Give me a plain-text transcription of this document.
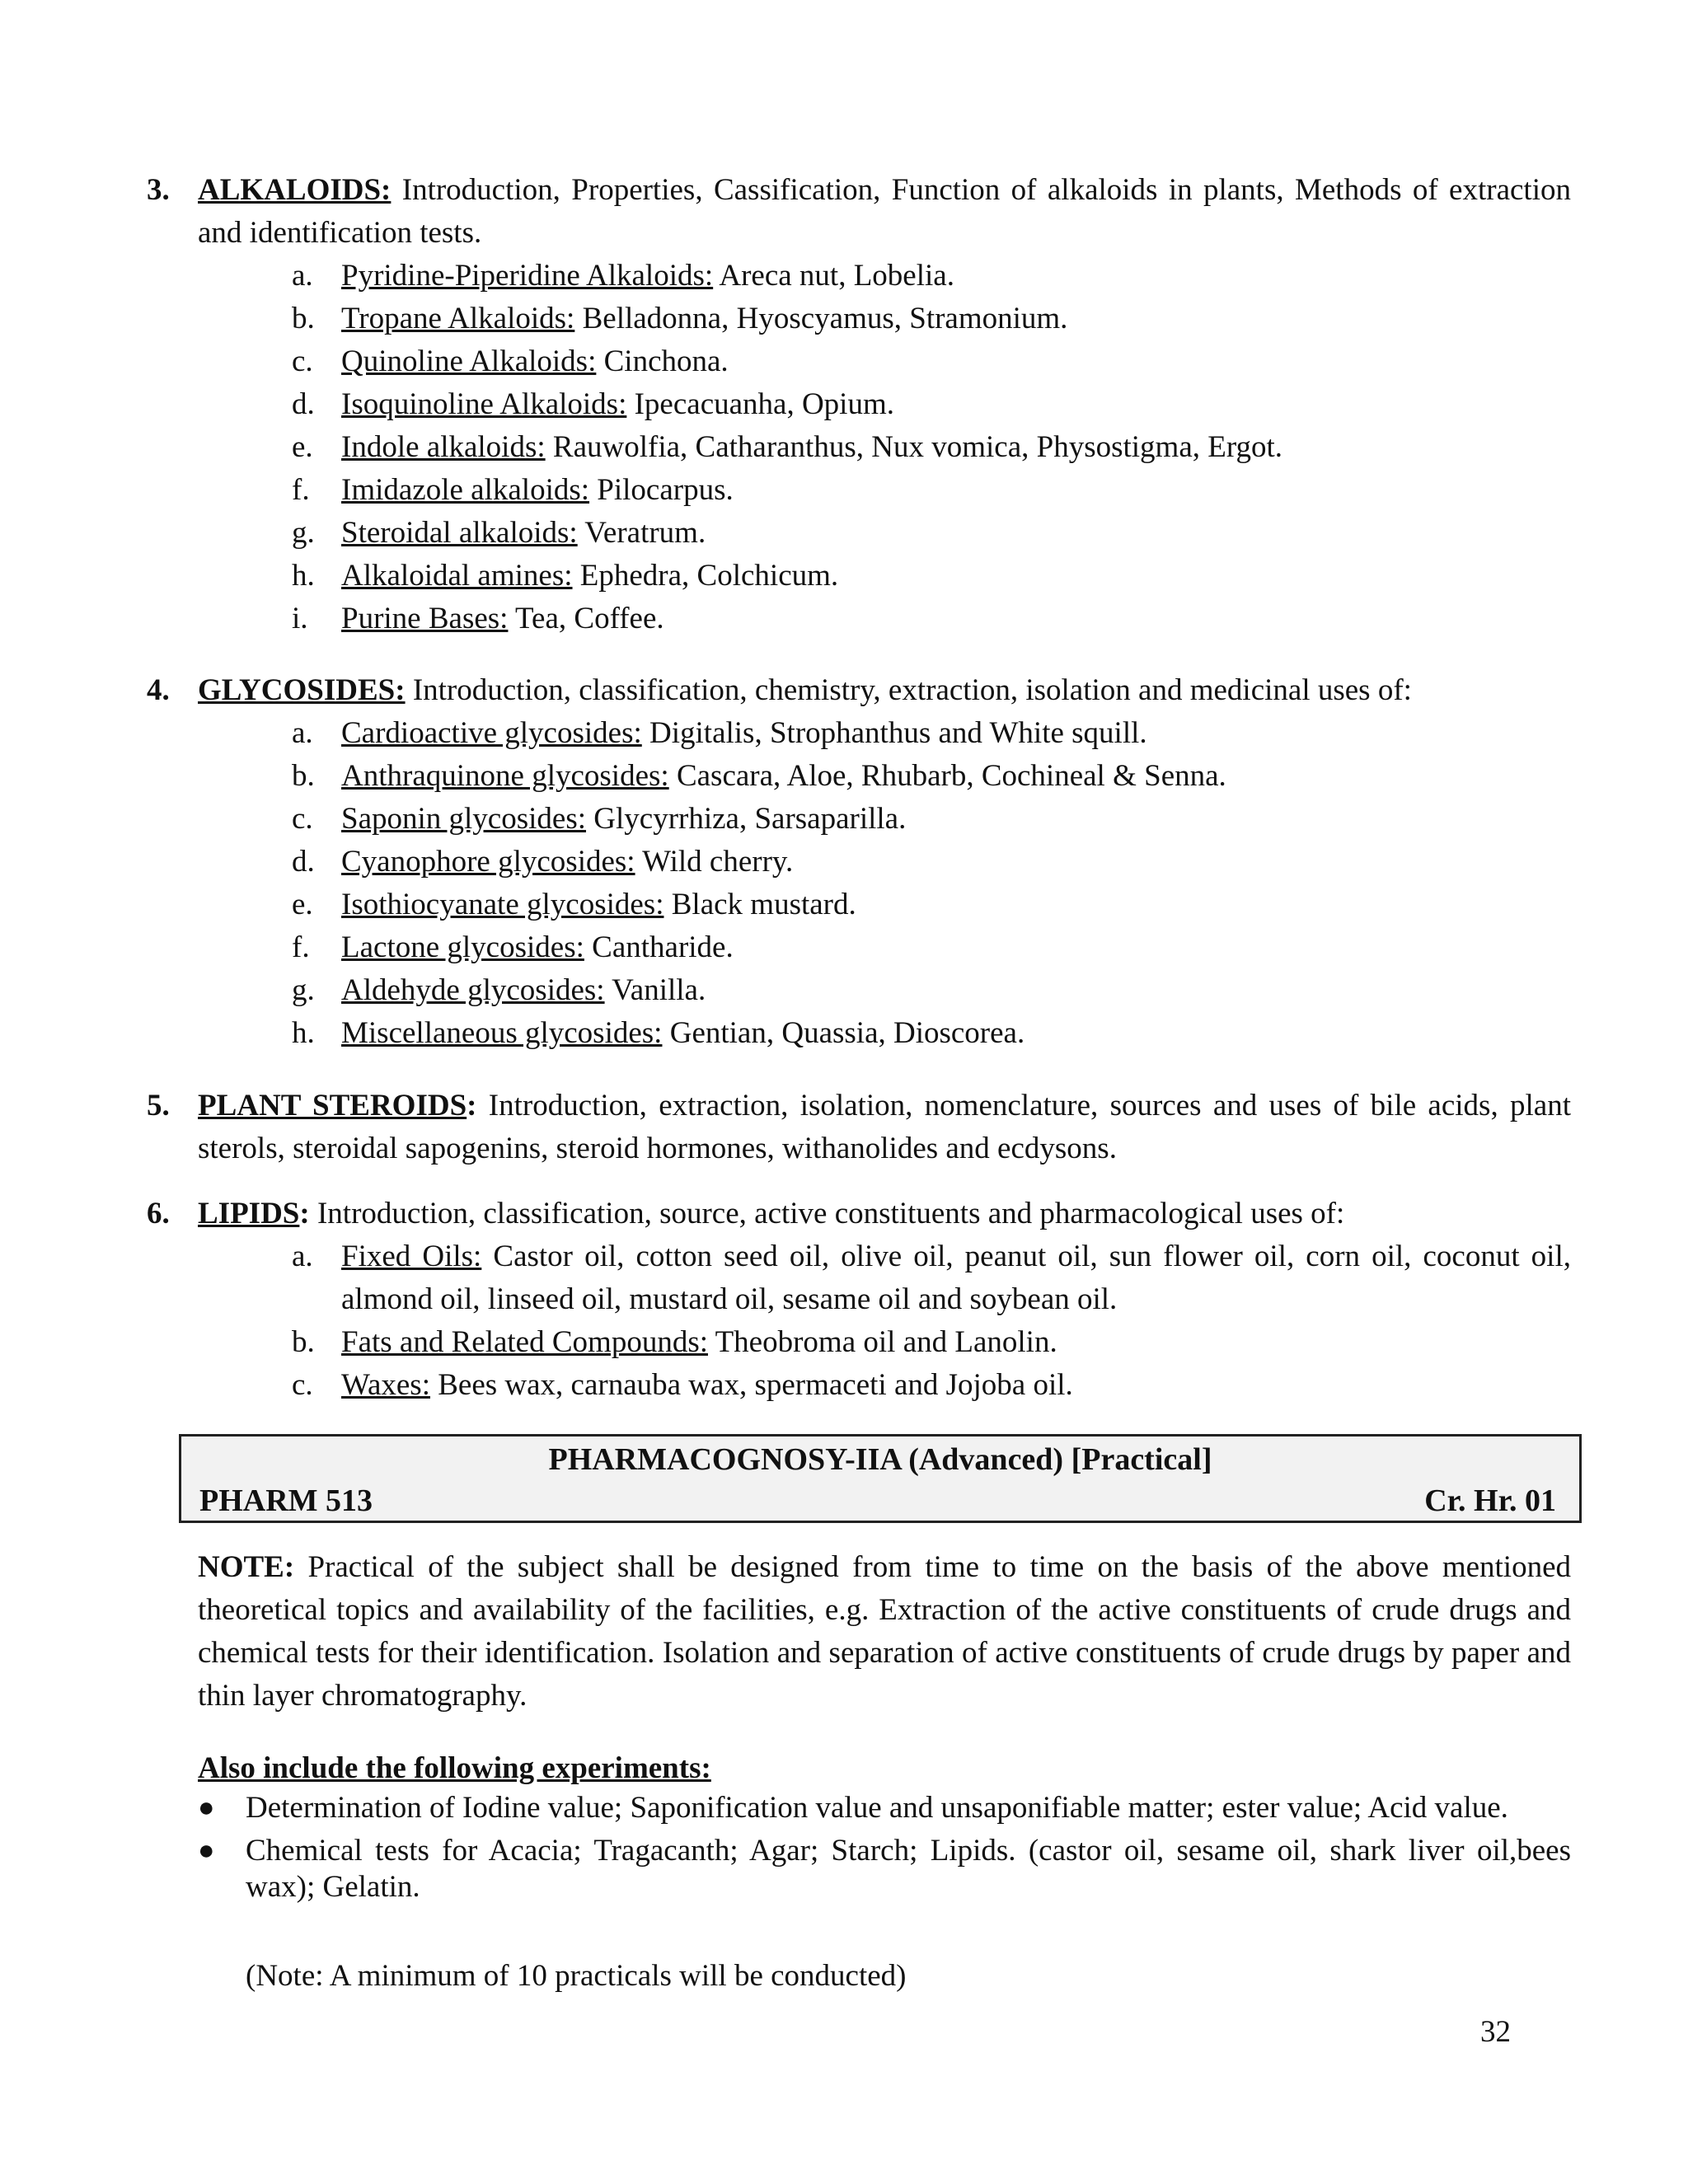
3. ALKALOIDS: Introduction, Properties, Cassification, Function of alkaloids in plants, Methods of extraction and identification tests.
a. Pyridine-Piperidine Alkaloids: Areca nut, Lobelia.
b. Tropane Alkaloids: Belladonna, Hyoscyamus, Stramonium.
c. Quinoline Alkaloids: Cinchona.
d. Isoquinoline Alkaloids: Ipecacuanha, Opium.
e. Indole alkaloids: Rauwolfia, Catharanthus, Nux vomica, Physostigma, Ergot.
f. Imidazole alkaloids: Pilocarpus.
g. Steroidal alkaloids: Veratrum.
h. Alkaloidal amines: Ephedra, Colchicum.
i. Purine Bases: Tea, Coffee.
4. GLYCOSIDES: Introduction, classification, chemistry, extraction, isolation and medicinal uses of:
a. Cardioactive glycosides: Digitalis, Strophanthus and White squill.
b. Anthraquinone glycosides: Cascara, Aloe, Rhubarb, Cochineal & Senna.
c. Saponin glycosides: Glycyrrhiza, Sarsaparilla.
d. Cyanophore glycosides: Wild cherry.
e. Isothiocyanate glycosides: Black mustard.
f. Lactone glycosides: Cantharide.
g. Aldehyde glycosides: Vanilla.
h. Miscellaneous glycosides: Gentian, Quassia, Dioscorea.
5. PLANT STEROIDS: Introduction, extraction, isolation, nomenclature, sources and uses of bile acids, plant sterols, steroidal sapogenins, steroid hormones, withanolides and ecdysons.
6. LIPIDS: Introduction, classification, source, active constituents and pharmacological uses of:
a. Fixed Oils: Castor oil, cotton seed oil, olive oil, peanut oil, sun flower oil, corn oil, coconut oil, almond oil, linseed oil, mustard oil, sesame oil and soybean oil.
b. Fats and Related Compounds: Theobroma oil and Lanolin.
c. Waxes: Bees wax, carnauba wax, spermaceti and Jojoba oil.
PHARMACOGNOSY-IIA (Advanced) [Practical]
PHARM 513	Cr. Hr. 01
NOTE: Practical of the subject shall be designed from time to time on the basis of the above mentioned theoretical topics and availability of the facilities, e.g. Extraction of the active constituents of crude drugs and chemical tests for their identification. Isolation and separation of active constituents of crude drugs by paper and thin layer chromatography.
Also include the following experiments:
● Determination of Iodine value; Saponification value and unsaponifiable matter; ester value; Acid value.
● Chemical tests for Acacia; Tragacanth; Agar; Starch; Lipids. (castor oil, sesame oil, shark liver oil,bees wax); Gelatin.
(Note: A minimum of 10 practicals will be conducted)
32
